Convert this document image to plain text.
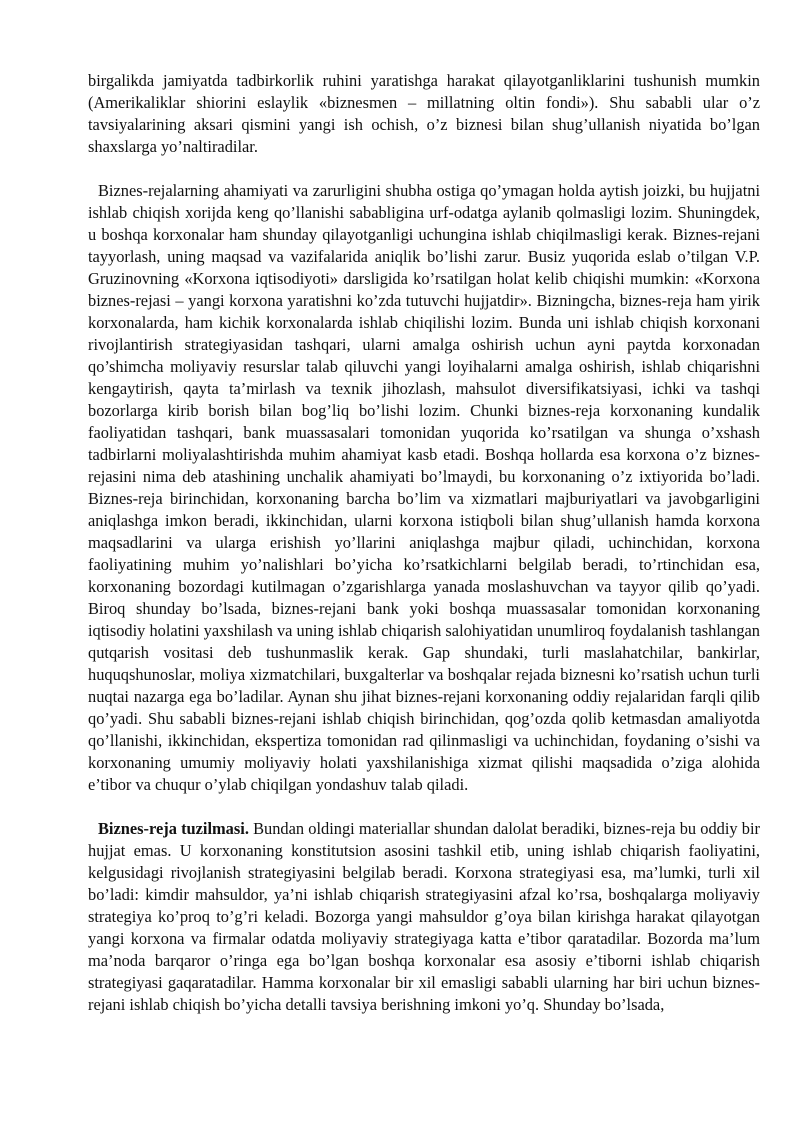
birgalikda jamiyatda tadbirkorlik ruhini yaratishga harakat qilayotganliklarini tushunish mumkin (Amerikaliklar shiorini eslaylik «biznesmen – millatning oltin fondi»). Shu sababli ular o’z tavsiyalarining aksari qismini yangi ish ochish, o’z biznesi bilan shug’ullanish niyatida bo’lgan shaxslarga yo’naltiradilar.

Biznes-rejalarning ahamiyati va zarurligini shubha ostiga qo’ymagan holda aytish joizki, bu hujjatni ishlab chiqish xorijda keng qo’llanishi sababligina urf-odatga aylanib qolmasligi lozim. Shuningdek, u boshqa korxonalar ham shunday qilayotganligi uchungina ishlab chiqilmasligi kerak. Biznes-rejani tayyorlash, uning maqsad va vazifalarida aniqlik bo’lishi zarur. Busiz yuqorida eslab o’tilgan V.P. Gruzinovning «Korxona iqtisodiyoti» darsligida ko’rsatilgan holat kelib chiqishi mumkin: «Korxona biznes-rejasi – yangi korxona yaratishni ko’zda tutuvchi hujjatdir». Bizningcha, biznes-reja ham yirik korxonalarda, ham kichik korxonalarda ishlab chiqilishi lozim. Bunda uni ishlab chiqish korxonani rivojlantirish strategiyasidan tashqari, ularni amalga oshirish uchun ayni paytda korxonadan qo’shimcha moliyaviy resurslar talab qiluvchi yangi loyihalarni amalga oshirish, ishlab chiqarishni kengaytirish, qayta ta’mirlash va texnik jihozlash, mahsulot diversifikatsiyasi, ichki va tashqi bozorlarga kirib borish bilan bog’liq bo’lishi lozim. Chunki biznes-reja korxonaning kundalik faoliyatidan tashqari, bank muassasalari tomonidan yuqorida ko’rsatilgan va shunga o’xshash tadbirlarni moliyalashtirishda muhim ahamiyat kasb etadi. Boshqa hollarda esa korxona o’z biznes-rejasini nima deb atashining unchalik ahamiyati bo’lmaydi, bu korxonaning o’z ixtiyorida bo’ladi. Biznes-reja birinchidan, korxonaning barcha bo’lim va xizmatlari majburiyatlari va javobgarligini aniqlashga imkon beradi, ikkinchidan, ularni korxona istiqboli bilan shug’ullanish hamda korxona maqsadlarini va ularga erishish yo’llarini aniqlashga majbur qiladi, uchinchidan, korxona faoliyatining muhim yo’nalishlari bo’yicha ko’rsatkichlarni belgilab beradi, to’rtinchidan esa, korxonaning bozordagi kutilmagan o’zgarishlarga yanada moslashuvchan va tayyor qilib qo’yadi. Biroq shunday bo’lsada, biznes-rejani bank yoki boshqa muassasalar tomonidan korxonaning iqtisodiy holatini yaxshilash va uning ishlab chiqarish salohiyatidan unumliroq foydalanish tashlangan qutqarish vositasi deb tushunmaslik kerak. Gap shundaki, turli maslahatchilar, bankirlar, huquqshunoslar, moliya xizmatchilari, buxgalterlar va boshqalar rejada biznesni ko’rsatish uchun turli nuqtai nazarga ega bo’ladilar. Aynan shu jihat biznes-rejani korxonaning oddiy rejalaridan farqli qilib qo’yadi. Shu sababli biznes-rejani ishlab chiqish birinchidan, qog’ozda qolib ketmasdan amaliyotda qo’llanishi, ikkinchidan, ekspertiza tomonidan rad qilinmasligi va uchinchidan, foydaning o’sishi va korxonaning umumiy moliyaviy holati yaxshilanishiga xizmat qilishi maqsadida o’ziga alohida e’tibor va chuqur o’ylab chiqilgan yondashuv talab qiladi.

Biznes-reja tuzilmasi. Bundan oldingi materiallar shundan dalolat beradiki, biznes-reja bu oddiy bir hujjat emas. U korxonaning konstitutsion asosini tashkil etib, uning ishlab chiqarish faoliyatini, kelgusidagi rivojlanish strategiyasini belgilab beradi. Korxona strategiyasi esa, ma’lumki, turli xil bo’ladi: kimdir mahsuldor, ya’ni ishlab chiqarish strategiyasini afzal ko’rsa, boshqalarga moliyaviy strategiya ko’proq to’g’ri keladi. Bozorga yangi mahsuldor g’oya bilan kirishga harakat qilayotgan yangi korxona va firmalar odatda moliyaviy strategiyaga katta e’tibor qaratadilar. Bozorda ma’lum ma’noda barqaror o’ringa ega bo’lgan boshqa korxonalar esa asosiy e’tiborni ishlab chiqarish strategiyasi gaqaratadilar. Hamma korxonalar bir xil emasligi sababli ularning har biri uchun biznes-rejani ishlab chiqish bo’yicha detalli tavsiya berishning imkoni yo’q. Shunday bo’lsada,
